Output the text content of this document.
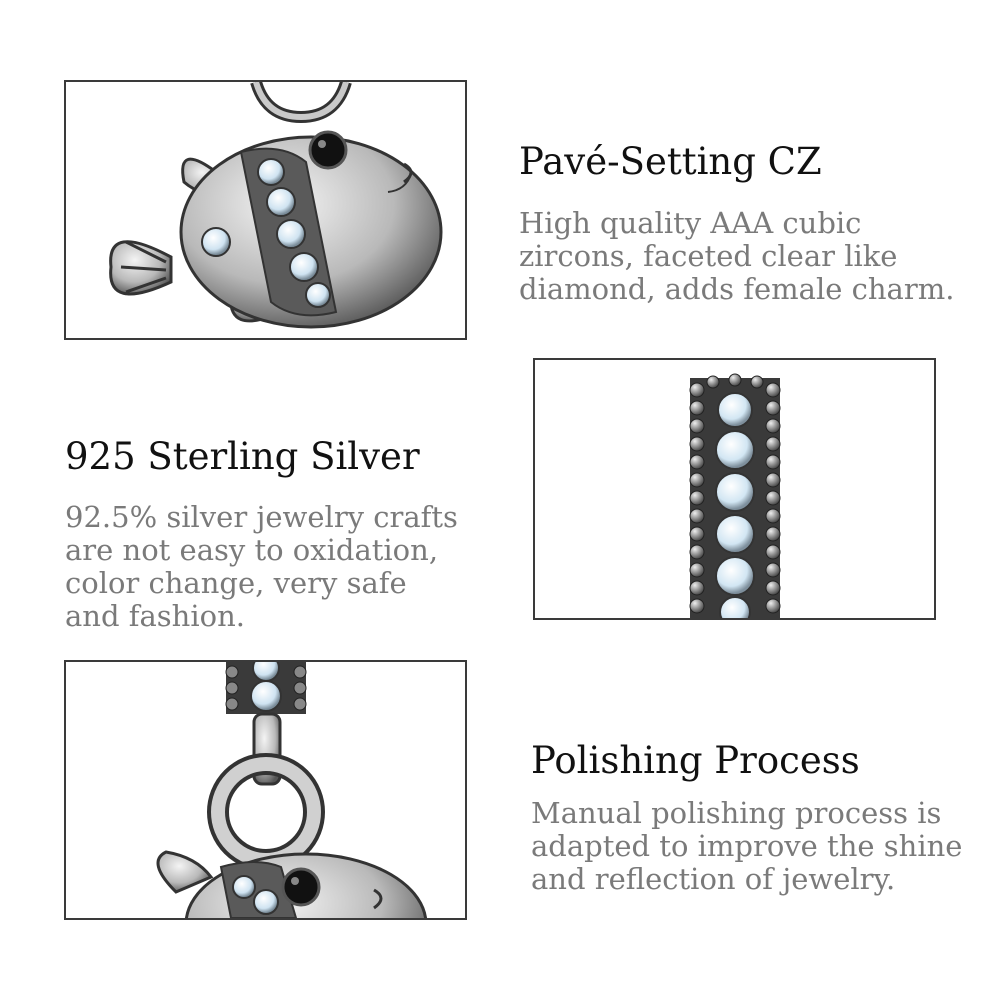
Pavé-Setting CZ

High quality AAA cubic
zircons, faceted clear like
diamond, adds female charm.

925 Sterling Silver

92.5% silver jewelry crafts
are not easy to oxidation,
color change, very safe
and fashion.

Polishing Process

Manual polishing process is
adapted to improve the shine
and reflection of jewelry.
